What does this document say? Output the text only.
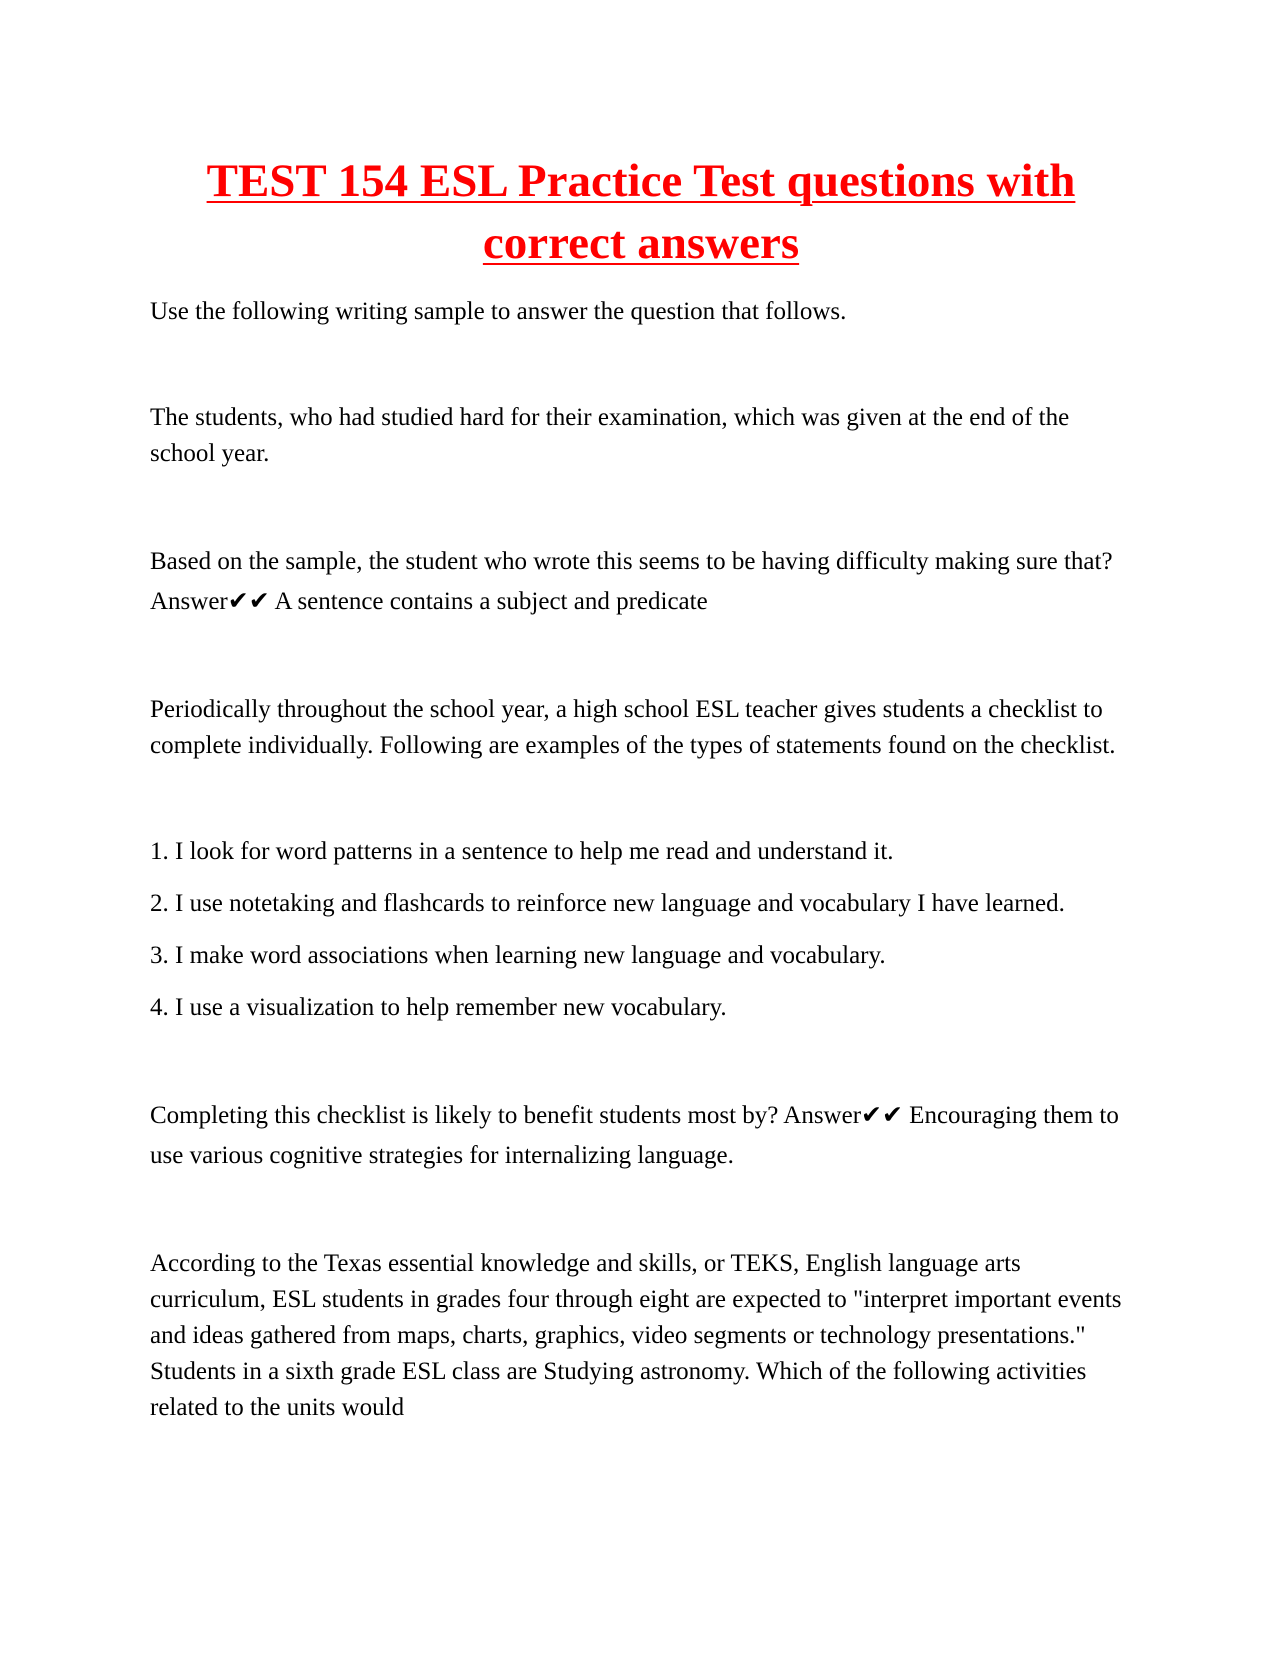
TEST 154 ESL Practice Test questions with correct answers

Use the following writing sample to answer the question that follows.

The students, who had studied hard for their examination, which was given at the end of the school year.

Based on the sample, the student who wrote this seems to be having difficulty making sure that? Answer✔✔ A sentence contains a subject and predicate

Periodically throughout the school year, a high school ESL teacher gives students a checklist to complete individually. Following are examples of the types of statements found on the checklist.

1. I look for word patterns in a sentence to help me read and understand it.

2. I use notetaking and flashcards to reinforce new language and vocabulary I have learned.

3. I make word associations when learning new language and vocabulary.

4. I use a visualization to help remember new vocabulary.

Completing this checklist is likely to benefit students most by? Answer✔✔ Encouraging them to use various cognitive strategies for internalizing language.

According to the Texas essential knowledge and skills, or TEKS, English language arts curriculum, ESL students in grades four through eight are expected to "interpret important events and ideas gathered from maps, charts, graphics, video segments or technology presentations." Students in a sixth grade ESL class are Studying astronomy. Which of the following activities related to the units would
